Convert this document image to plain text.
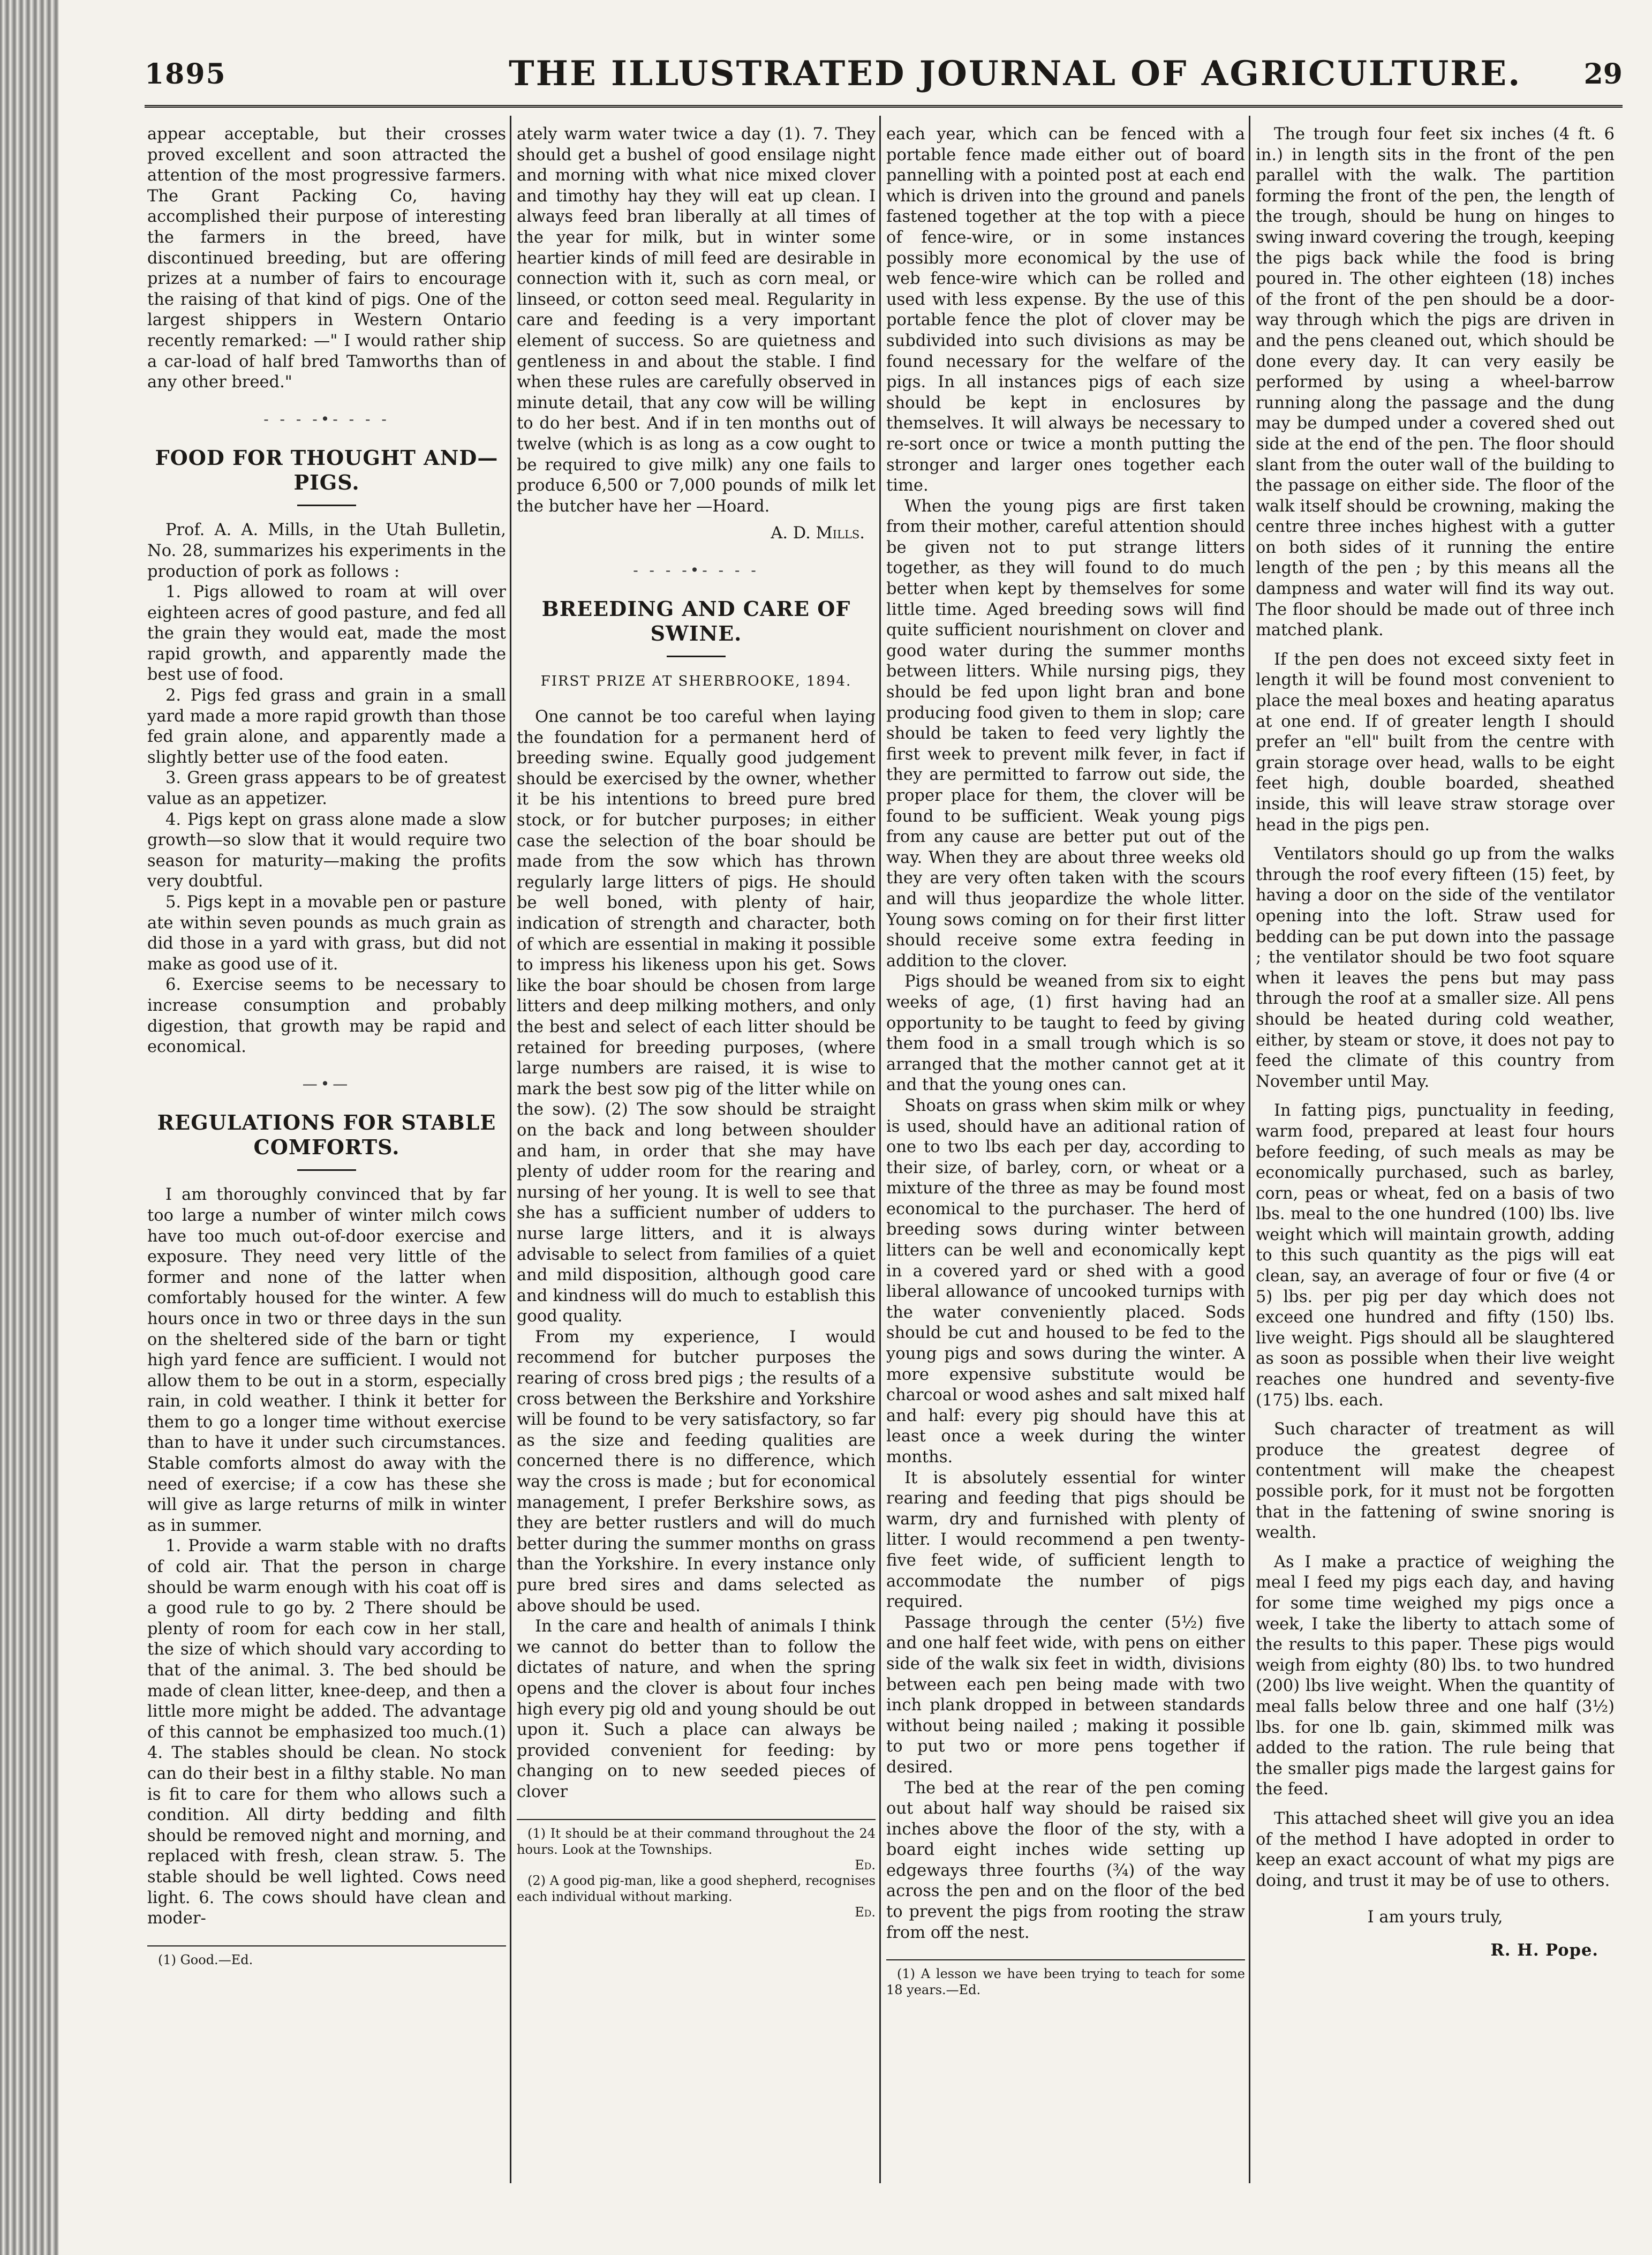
1895	THE ILLUSTRATED JOURNAL OF AGRICULTURE. 29

appear acceptable, but their crosses proved excellent and soon attracted the attention of the most progressive farmers. The Grant Packing Co, having accomplished their purpose of interesting the farmers in the breed, have discontinued breeding, but are offering prizes at a number of fairs to encourage the raising of that kind of pigs. One of the largest shippers in Western Ontario recently remarked: —" I would rather ship a car-load of half bred Tamworths than of any other breed."

- - - -•- - - -
FOOD FOR THOUGHT AND—PIGS.

Prof. A. A. Mills, in the Utah Bulletin, No. 28, summarizes his experiments in the production of pork as follows :

1. Pigs allowed to roam at will over eighteen acres of good pasture, and fed all the grain they would eat, made the most rapid growth, and apparently made the best use of food.

2. Pigs fed grass and grain in a small yard made a more rapid growth than those fed grain alone, and apparently made a slightly better use of the food eaten.

3. Green grass appears to be of greatest value as an appetizer.

4. Pigs kept on grass alone made a slow growth—so slow that it would require two season for maturity—making the profits very doubtful.

5. Pigs kept in a movable pen or pasture ate within seven pounds as much grain as did those in a yard with grass, but did not make as good use of it.

6. Exercise seems to be necessary to increase consumption and probably digestion, that growth may be rapid and economical.

—•—
REGULATIONS FOR STABLE COMFORTS.

I am thoroughly convinced that by far too large a number of winter milch cows have too much out-of-door exercise and exposure. They need very little of the former and none of the latter when comfortably housed for the winter. A few hours once in two or three days in the sun on the sheltered side of the barn or tight high yard fence are sufficient. I would not allow them to be out in a storm, especially rain, in cold weather. I think it better for them to go a longer time without exercise than to have it under such circumstances. Stable comforts almost do away with the need of exercise; if a cow has these she will give as large returns of milk in winter as in summer.

1. Provide a warm stable with no drafts of cold air. That the person in charge should be warm enough with his coat off is a good rule to go by. 2 There should be plenty of room for each cow in her stall, the size of which should vary according to that of the animal. 3. The bed should be made of clean litter, knee-deep, and then a little more might be added. The advantage of this cannot be emphasized too much.(1) 4. The stables should be clean. No stock can do their best in a filthy stable. No man is fit to care for them who allows such a condition. All dirty bedding and filth should be removed night and morning, and replaced with fresh, clean straw. 5. The stable should be well lighted. Cows need light. 6. The cows should have clean and moder-

(1) Good.—Ed.

ately warm water twice a day (1). 7. They should get a bushel of good ensilage night and morning with what nice mixed clover and timothy hay they will eat up clean. I always feed bran liberally at all times of the year for milk, but in winter some heartier kinds of mill feed are desirable in connection with it, such as corn meal, or linseed, or cotton seed meal. Regularity in care and feeding is a very important element of success. So are quietness and gentleness in and about the stable. I find when these rules are carefully observed in minute detail, that any cow will be willing to do her best. And if in ten months out of twelve (which is as long as a cow ought to be required to give milk) any one fails to produce 6,500 or 7,000 pounds of milk let the butcher have her —Hoard.

A. D. Mills.
- - - -•- - - -
BREEDING AND CARE OF SWINE.
FIRST PRIZE AT SHERBROOKE, 1894.

One cannot be too careful when laying the foundation for a permanent herd of breeding swine. Equally good judgement should be exercised by the owner, whether it be his intentions to breed pure bred stock, or for butcher purposes; in either case the selection of the boar should be made from the sow which has thrown regularly large litters of pigs. He should be well boned, with plenty of hair, indication of strength and character, both of which are essential in making it possible to impress his likeness upon his get. Sows like the boar should be chosen from large litters and deep milking mothers, and only the best and select of each litter should be retained for breeding purposes, (where large numbers are raised, it is wise to mark the best sow pig of the litter while on the sow). (2) The sow should be straight on the back and long between shoulder and ham, in order that she may have plenty of udder room for the rearing and nursing of her young. It is well to see that she has a sufficient number of udders to nurse large litters, and it is always advisable to select from families of a quiet and mild disposition, although good care and kindness will do much to establish this good quality.

From my experience, I would recommend for butcher purposes the rearing of cross bred pigs ; the results of a cross between the Berkshire and Yorkshire will be found to be very satisfactory, so far as the size and feeding qualities are concerned there is no difference, which way the cross is made ; but for economical management, I prefer Berkshire sows, as they are better rustlers and will do much better during the summer months on grass than the Yorkshire. In every instance only pure bred sires and dams selected as above should be used.

In the care and health of animals I think we cannot do better than to follow the dictates of nature, and when the spring opens and the clover is about four inches high every pig old and young should be out upon it. Such a place can always be provided convenient for feeding: by changing on to new seeded pieces of clover

(1) It should be at their command throughout the 24 hours. Look at the Townships.

Ed.

(2) A good pig-man, like a good shepherd, recognises each individual without marking.

Ed.

each year, which can be fenced with a portable fence made either out of board pannelling with a pointed post at each end which is driven into the ground and panels fastened together at the top with a piece of fence-wire, or in some instances possibly more economical by the use of web fence-wire which can be rolled and used with less expense. By the use of this portable fence the plot of clover may be subdivided into such divisions as may be found necessary for the welfare of the pigs. In all instances pigs of each size should be kept in enclosures by themselves. It will always be necessary to re-sort once or twice a month putting the stronger and larger ones together each time.

When the young pigs are first taken from their mother, careful attention should be given not to put strange litters together, as they will found to do much better when kept by themselves for some little time. Aged breeding sows will find quite sufficient nourishment on clover and good water during the summer months between litters. While nursing pigs, they should be fed upon light bran and bone producing food given to them in slop; care should be taken to feed very lightly the first week to prevent milk fever, in fact if they are permitted to farrow out side, the proper place for them, the clover will be found to be sufficient. Weak young pigs from any cause are better put out of the way. When they are about three weeks old they are very often taken with the scours and will thus jeopardize the whole litter. Young sows coming on for their first litter should receive some extra feeding in addition to the clover.

Pigs should be weaned from six to eight weeks of age, (1) first having had an opportunity to be taught to feed by giving them food in a small trough which is so arranged that the mother cannot get at it and that the young ones can.

Shoats on grass when skim milk or whey is used, should have an aditional ration of one to two lbs each per day, according to their size, of barley, corn, or wheat or a mixture of the three as may be found most economical to the purchaser. The herd of breeding sows during winter between litters can be well and economically kept in a covered yard or shed with a good liberal allowance of uncooked turnips with the water conveniently placed. Sods should be cut and housed to be fed to the young pigs and sows during the winter. A more expensive substitute would be charcoal or wood ashes and salt mixed half and half: every pig should have this at least once a week during the winter months.

It is absolutely essential for winter rearing and feeding that pigs should be warm, dry and furnished with plenty of litter. I would recommend a pen twenty-five feet wide, of sufficient length to accommodate the number of pigs required.

Passage through the center (5½) five and one half feet wide, with pens on either side of the walk six feet in width, divisions between each pen being made with two inch plank dropped in between standards without being nailed ; making it possible to put two or more pens together if desired.

The bed at the rear of the pen coming out about half way should be raised six inches above the floor of the sty, with a board eight inches wide setting up edgeways three fourths (¾) of the way across the pen and on the floor of the bed to prevent the pigs from rooting the straw from off the nest.

(1) A lesson we have been trying to teach for some 18 years.—Ed.

The trough four feet six inches (4 ft. 6 in.) in length sits in the front of the pen parallel with the walk. The partition forming the front of the pen, the length of the trough, should be hung on hinges to swing inward covering the trough, keeping the pigs back while the food is bring poured in. The other eighteen (18) inches of the front of the pen should be a door-way through which the pigs are driven in and the pens cleaned out, which should be done every day. It can very easily be performed by using a wheel-barrow running along the passage and the dung may be dumped under a covered shed out side at the end of the pen. The floor should slant from the outer wall of the building to the passage on either side. The floor of the walk itself should be crowning, making the centre three inches highest with a gutter on both sides of it running the entire length of the pen ; by this means all the dampness and water will find its way out. The floor should be made out of three inch matched plank.

If the pen does not exceed sixty feet in length it will be found most convenient to place the meal boxes and heating aparatus at one end. If of greater length I should prefer an "ell" built from the centre with grain storage over head, walls to be eight feet high, double boarded, sheathed inside, this will leave straw storage over head in the pigs pen.

Ventilators should go up from the walks through the roof every fifteen (15) feet, by having a door on the side of the ventilator opening into the loft. Straw used for bedding can be put down into the passage ; the ventilator should be two foot square when it leaves the pens but may pass through the roof at a smaller size. All pens should be heated during cold weather, either, by steam or stove, it does not pay to feed the climate of this country from November until May.

In fatting pigs, punctuality in feeding, warm food, prepared at least four hours before feeding, of such meals as may be economically purchased, such as barley, corn, peas or wheat, fed on a basis of two lbs. meal to the one hundred (100) lbs. live weight which will maintain growth, adding to this such quantity as the pigs will eat clean, say, an average of four or five (4 or 5) lbs. per pig per day which does not exceed one hundred and fifty (150) lbs. live weight. Pigs should all be slaughtered as soon as possible when their live weight reaches one hundred and seventy-five (175) lbs. each.

Such character of treatment as will produce the greatest degree of contentment will make the cheapest possible pork, for it must not be forgotten that in the fattening of swine snoring is wealth.

As I make a practice of weighing the meal I feed my pigs each day, and having for some time weighed my pigs once a week, I take the liberty to attach some of the results to this paper. These pigs would weigh from eighty (80) lbs. to two hundred (200) lbs live weight. When the quantity of meal falls below three and one half (3½) lbs. for one lb. gain, skimmed milk was added to the ration. The rule being that the smaller pigs made the largest gains for the feed.

This attached sheet will give you an idea of the method I have adopted in order to keep an exact account of what my pigs are doing, and trust it may be of use to others.

I am yours truly,
R. H. Pope.
